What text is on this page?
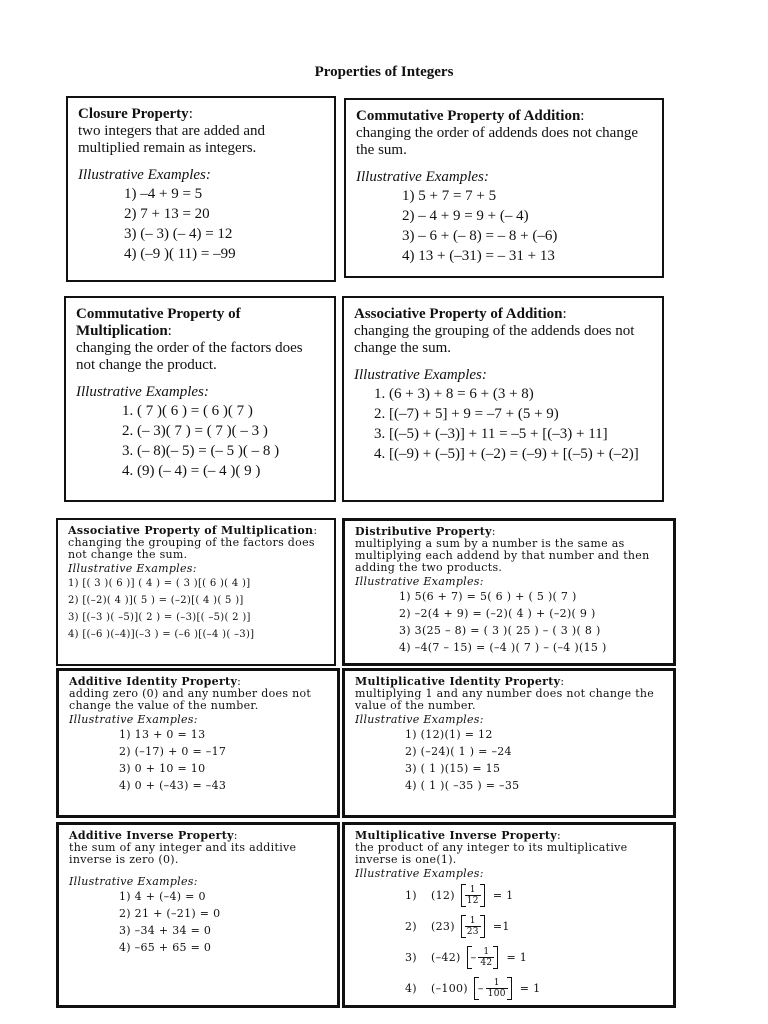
Properties of Integers
Closure Property:
two integers that are added and multiplied remain as integers.
Illustrative Examples:
1) –4 + 9 = 5
2) 7 + 13 = 20
3) (– 3) (– 4) = 12
4) (–9 )( 11) = –99
Commutative Property of Addition:
changing the order of addends does not change the sum.
Illustrative Examples:
1) 5 + 7 = 7 + 5
2) – 4 + 9 = 9 + (– 4)
3) – 6 + (– 8) = – 8 + (–6)
4) 13 + (–31) = – 31 + 13
Commutative Property of Multiplication:
changing the order of the factors does not change the product.
Illustrative Examples:
1. ( 7 )( 6 ) = ( 6 )( 7 )
2. (– 3)( 7 ) = ( 7 )( – 3 )
3. (– 8)(– 5) = (– 5 )( – 8 )
4. (9) (– 4) = (– 4 )( 9 )
Associative Property of Addition:
changing the grouping of the addends does not change the sum.
Illustrative Examples:
1. (6 + 3) + 8 = 6 + (3 + 8)
2. [(–7) + 5] + 9 = –7 + (5 + 9)
3. [(–5) + (–3)] + 11 = –5 + [(–3) + 11]
4. [(–9) + (–5)] + (–2) = (–9) + [(–5) + (–2)]
Associative Property of Multiplication:
changing the grouping of the factors does not change the sum.
Illustrative Examples:
1) [( 3 )( 6 )] ( 4 ) = ( 3 )[( 6 )( 4 )]
2) [(–2)( 4 )]( 5 ) = (–2)[( 4 )( 5 )]
3) [(–3 )( –5)]( 2 ) = (–3)[( –5)( 2 )]
4) [(–6 )(–4)](–3 ) = (–6 )[(–4 )( –3)]
Distributive Property:
multiplying a sum by a number is the same as multiplying each addend by that number and then adding the two products.
Illustrative Examples:
1) 5(6 + 7) = 5( 6 ) + ( 5 )( 7 )
2) –2(4 + 9) = (–2)( 4 ) + (–2)( 9 )
3) 3(25 – 8) = ( 3 )( 25 ) – ( 3 )( 8 )
4) –4(7 – 15) = (–4 )( 7 ) – (–4 )(15 )
Additive Identity Property:
adding zero (0) and any number does not change the value of the number.
Illustrative Examples:
1) 13 + 0 = 13
2) (–17) + 0 = –17
3) 0 + 10 = 10
4) 0 + (–43) = –43
Multiplicative Identity Property:
multiplying 1 and any number does not change the value of the number.
Illustrative Examples:
1) (12)(1) = 12
2) (–24)( 1 ) = –24
3) ( 1 )(15) = 15
4) ( 1 )( –35 ) = –35
Additive Inverse Property:
the sum of any integer and its additive inverse is zero (0).
Illustrative Examples:
1) 4 + (–4) = 0
2) 21 + (–21) = 0
3) –34 + 34 = 0
4) –65 + 65 = 0
Multiplicative Inverse Property:
the product of any integer to its multiplicative inverse is one(1).
Illustrative Examples:
1)	$(12) \frac{1}{12} = 1$
2)	$(23) \frac{1}{23} =1$
3)	$(-42) - \frac{1}{42} = 1$
4)	$(-100) - \frac{1}{100} = 1$
